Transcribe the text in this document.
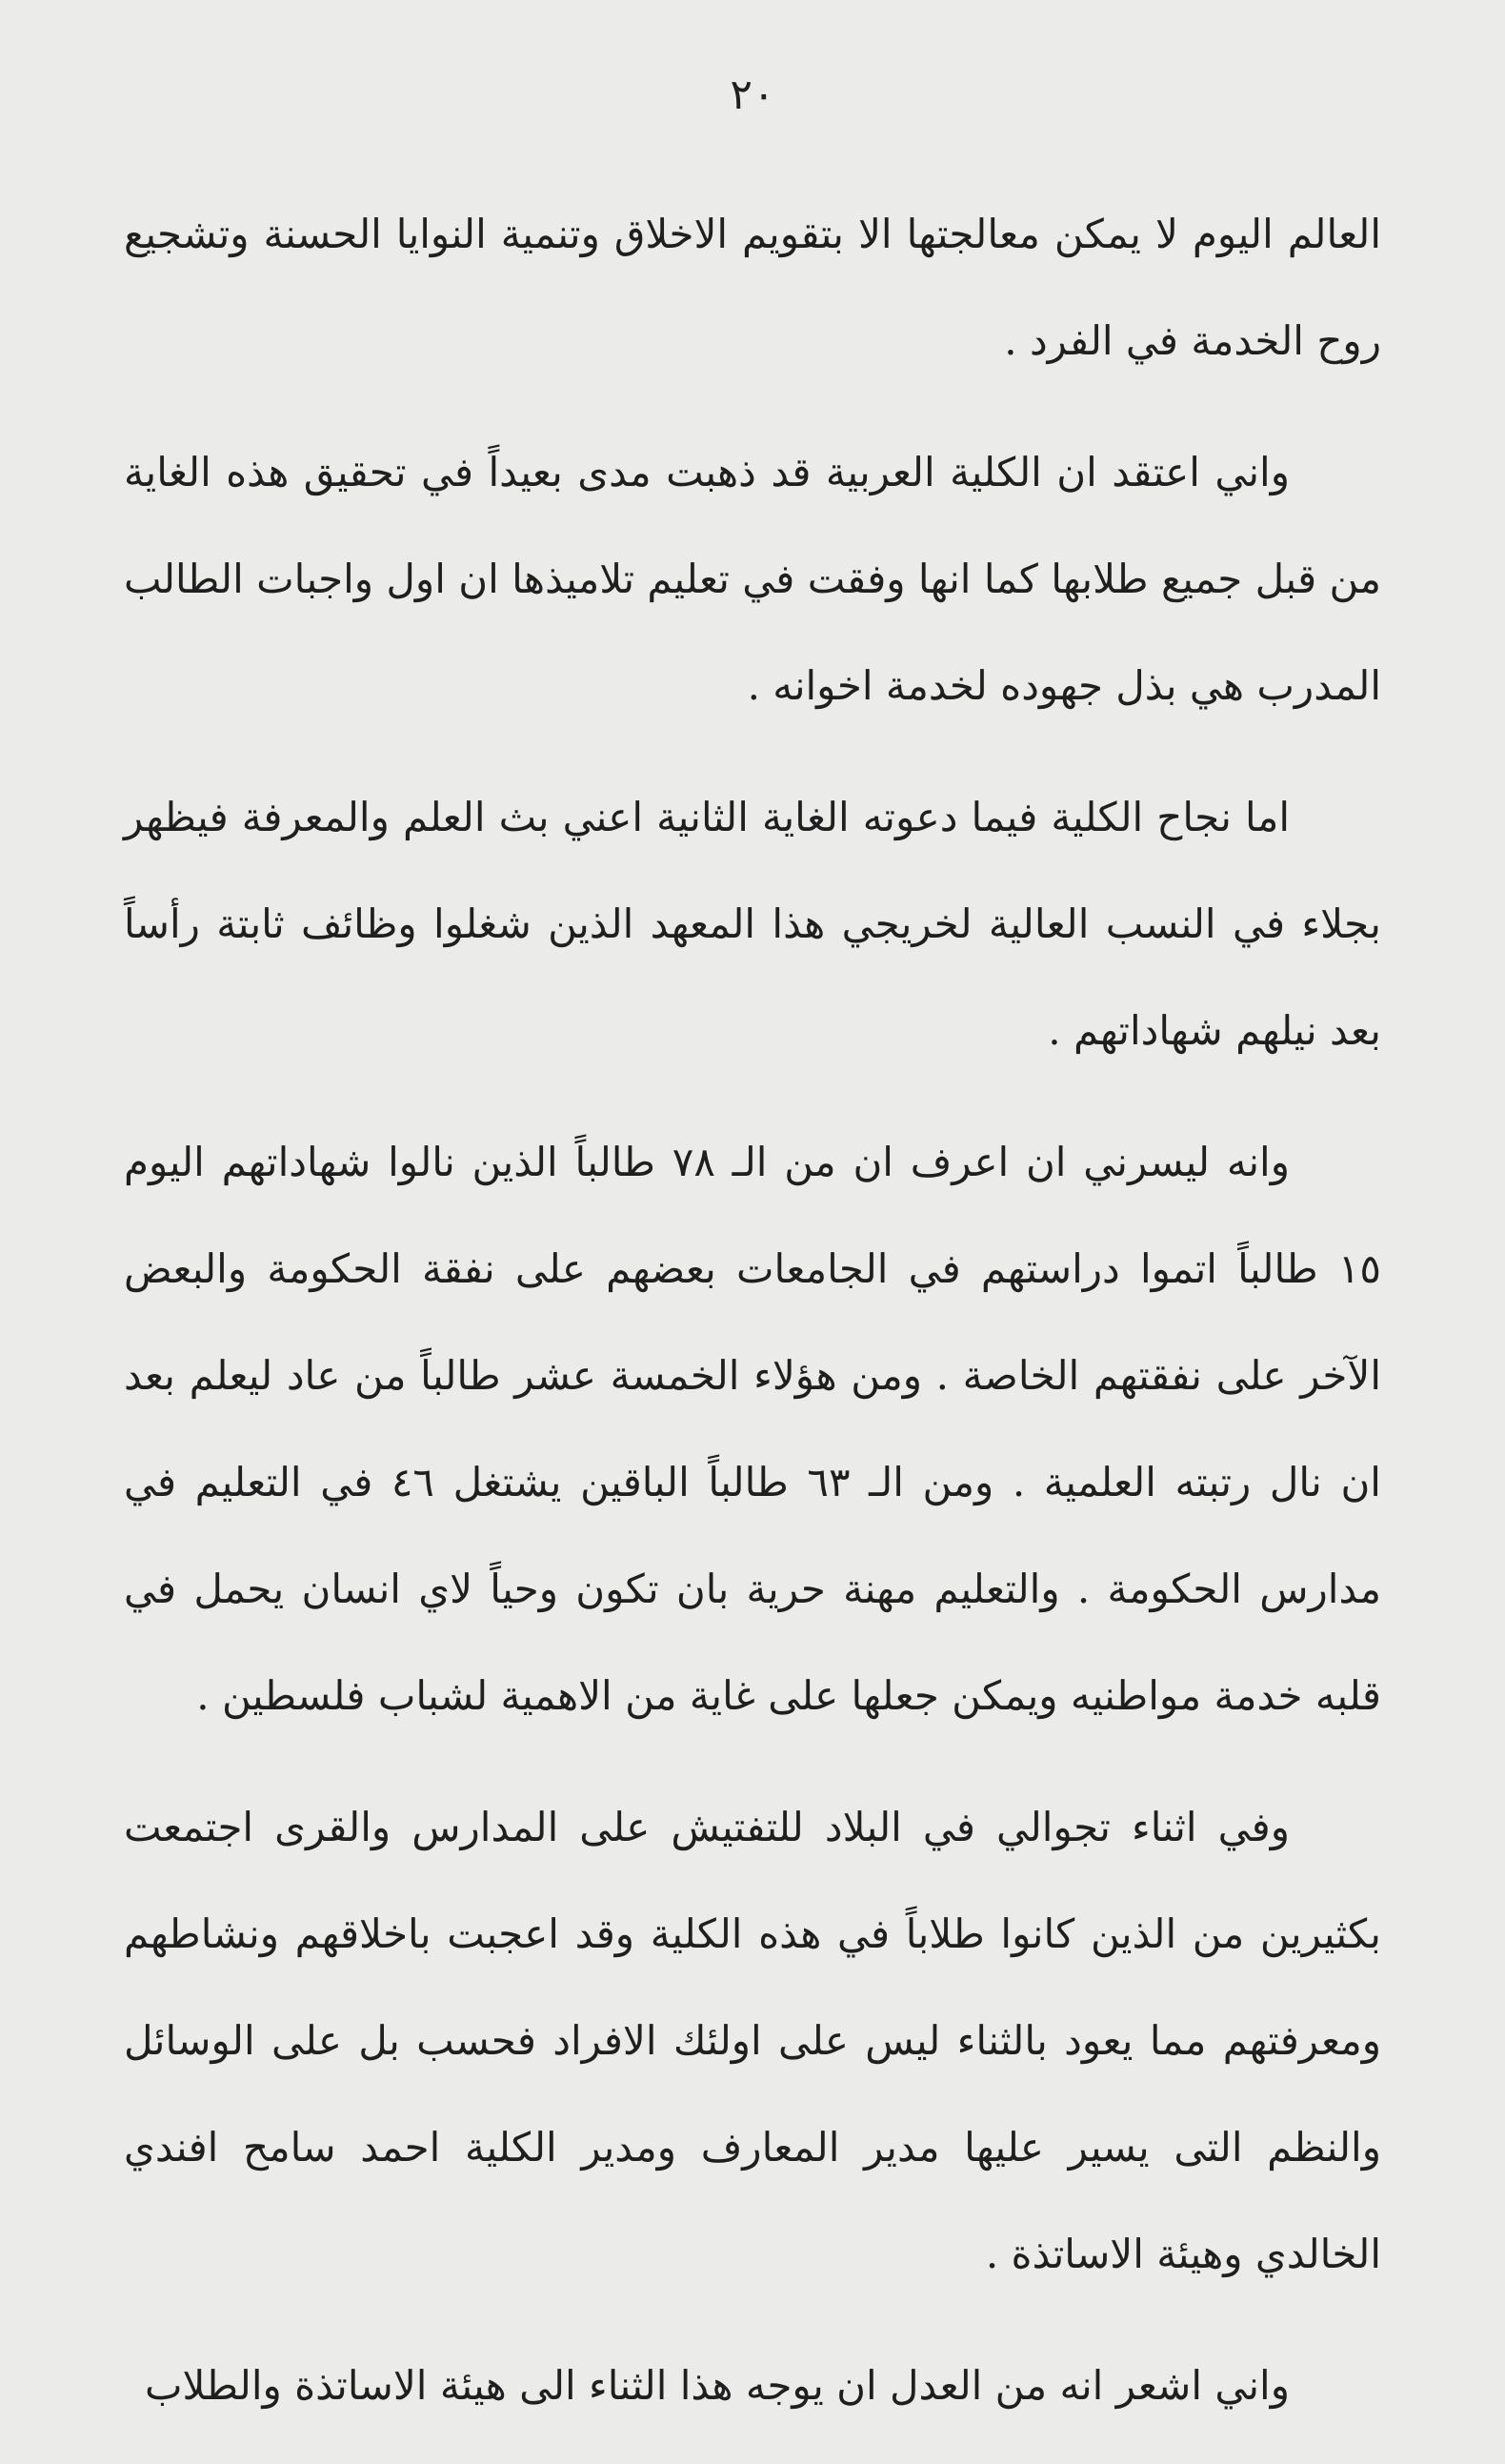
٢٠

العالم اليوم لا يمكن معالجتها الا بتقويم الاخلاق وتنمية النوايا الحسنة وتشجيع روح الخدمة في الفرد .

واني اعتقد ان الكلية العربية قد ذهبت مدى بعيداً في تحقيق هذه الغاية من قبل جميع طلابها كما انها وفقت في تعليم تلاميذها ان اول واجبات الطالب المدرب هي بذل جهوده لخدمة اخوانه .

اما نجاح الكلية فيما دعوته الغاية الثانية اعني بث العلم والمعرفة فيظهر بجلاء في النسب العالية لخريجي هذا المعهد الذين شغلوا وظائف ثابتة رأساً بعد نيلهم شهاداتهم .

وانه ليسرني ان اعرف ان من الـ ٧٨ طالباً الذين نالوا شهاداتهم اليوم ١٥ طالباً اتموا دراستهم في الجامعات بعضهم على نفقة الحكومة والبعض الآخر على نفقتهم الخاصة . ومن هؤلاء الخمسة عشر طالباً من عاد ليعلم بعد ان نال رتبته العلمية . ومن الـ ٦٣ طالباً الباقين يشتغل ٤٦ في التعليم في مدارس الحكومة . والتعليم مهنة حرية بان تكون وحياً لاي انسان يحمل في قلبه خدمة مواطنيه ويمكن جعلها على غاية من الاهمية لشباب فلسطين .

وفي اثناء تجوالي في البلاد للتفتيش على المدارس والقرى اجتمعت بكثيرين من الذين كانوا طلاباً في هذه الكلية وقد اعجبت باخلاقهم ونشاطهم ومعرفتهم مما يعود بالثناء ليس على اولئك الافراد فحسب بل على الوسائل والنظم التى يسير عليها مدير المعارف ومدير الكلية احمد سامح افندي الخالدي وهيئة الاساتذة .

واني اشعر انه من العدل ان يوجه هذا الثناء الى هيئة الاساتذة والطلاب
